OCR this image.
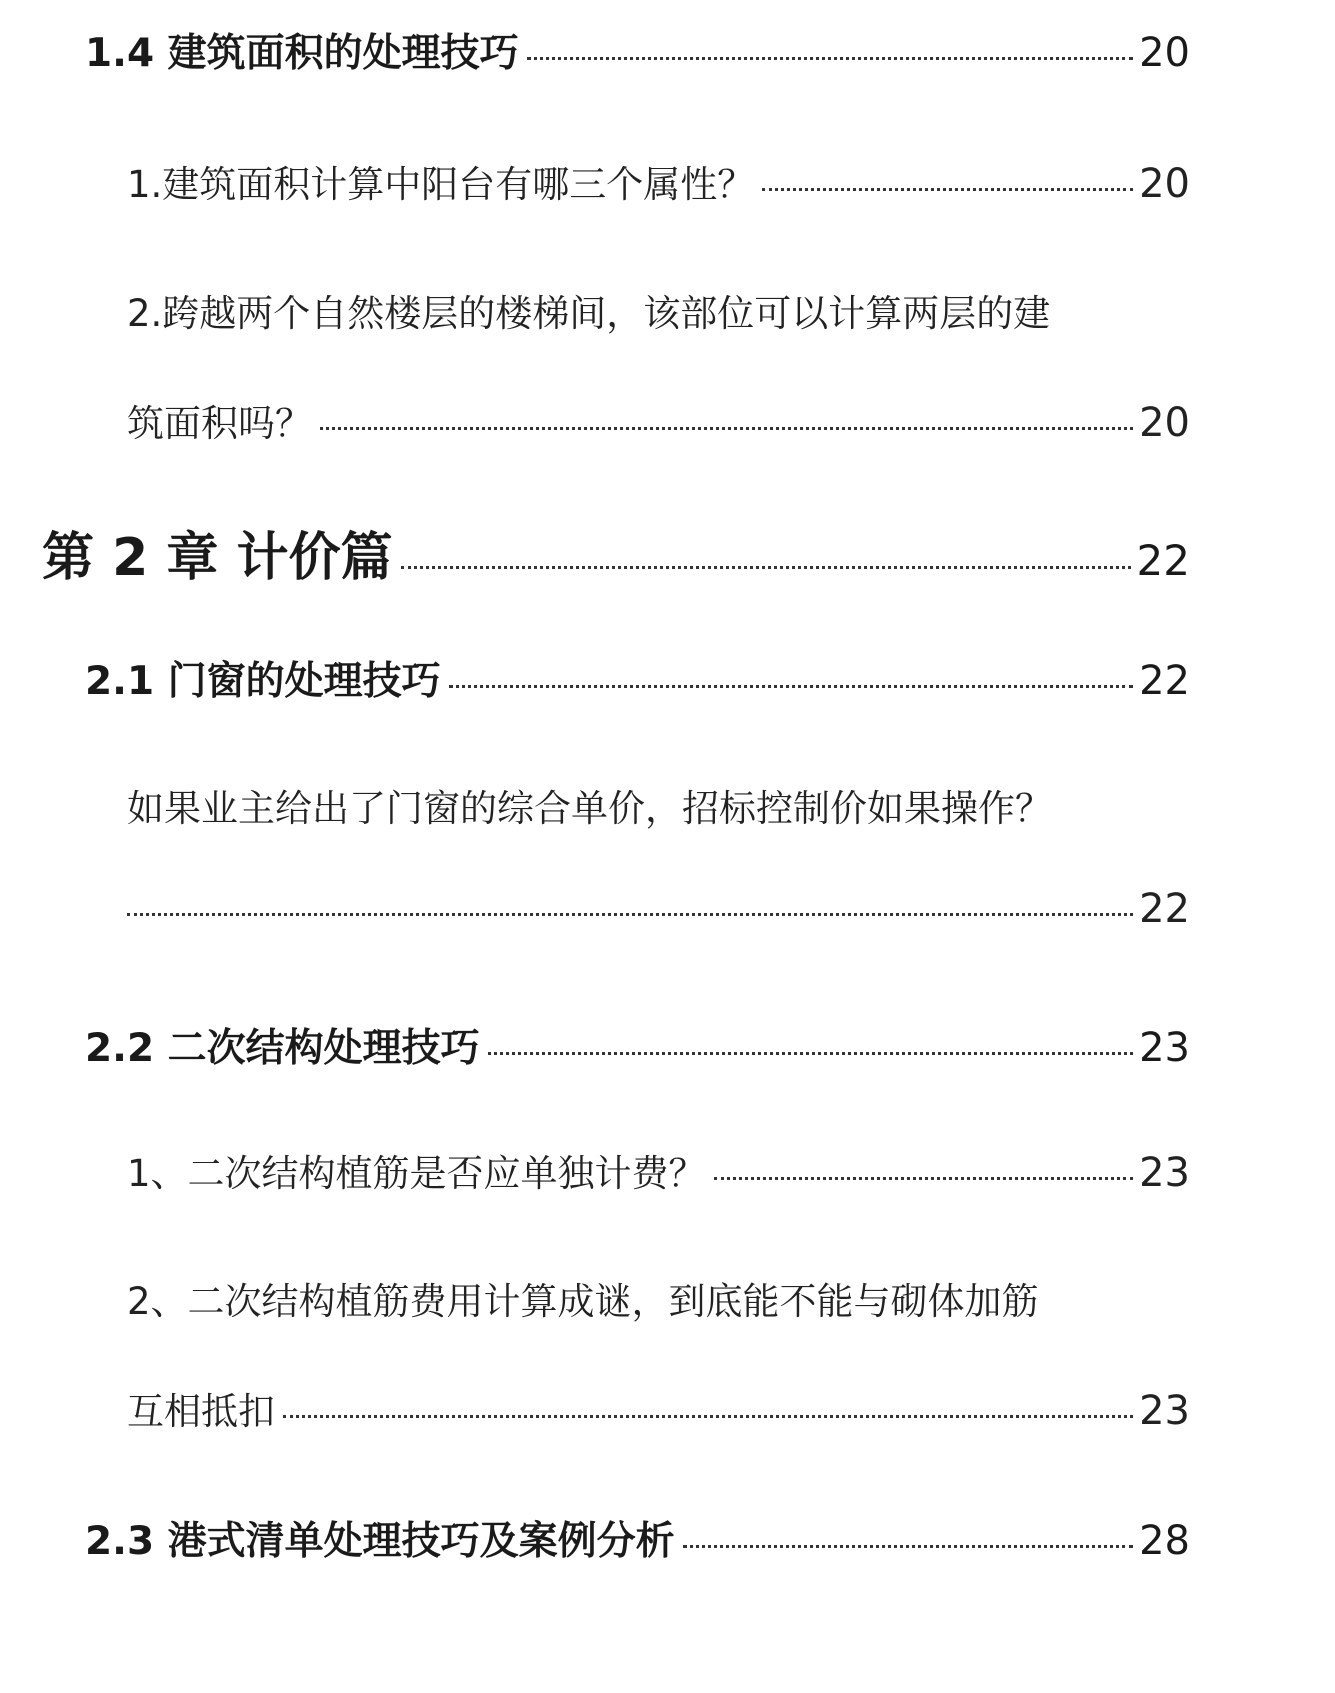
1.4 建筑面积的处理技巧	20
1.建筑面积计算中阳台有哪三个属性？	20
2.跨越两个自然楼层的楼梯间，该部位可以计算两层的建
筑面积吗？	20
第 2 章 计价篇	22
2.1 门窗的处理技巧	22
如果业主给出了门窗的综合单价，招标控制价如果操作？
22
2.2 二次结构处理技巧	23
1、二次结构植筋是否应单独计费？	23
2、二次结构植筋费用计算成谜，到底能不能与砌体加筋
互相抵扣	23
2.3 港式清单处理技巧及案例分析	28
